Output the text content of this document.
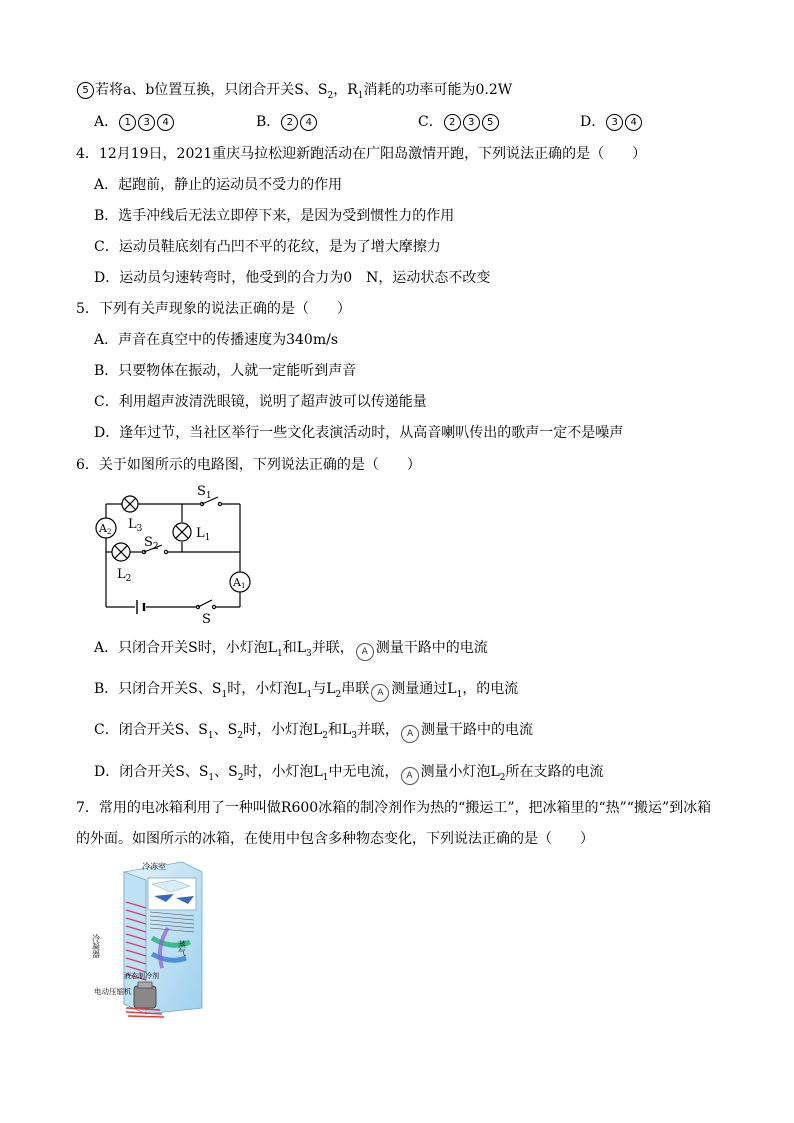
5 若将a、b位置互换，只闭合开关S、$S_2$，$R_1$消耗的功率可能为0.2W
A． 1 3 4	B． 2 4	C． 2 3 5	D． 3 4
4．12月19日，2021重庆马拉松迎新跑活动在广阳岛激情开跑，下列说法正确的是（　　）
A．起跑前，静止的运动员不受力的作用
B．选手冲线后无法立即停下来，是因为受到惯性力的作用
C．运动员鞋底刻有凸凹不平的花纹，是为了增大摩擦力
D．运动员匀速转弯时，他受到的合力为0　N，运动状态不改变
5．下列有关声现象的说法正确的是（　　）
A．声音在真空中的传播速度为340m/s
B．只要物体在振动，人就一定能听到声音
C．利用超声波清洗眼镜，说明了超声波可以传递能量
D．逢年过节，当社区举行一些文化表演活动时，从高音喇叭传出的歌声一定不是噪声
6．关于如图所示的电路图，下列说法正确的是（　　）
$S_1$
$L_3$	$L_1$
A2
$L_2$
$S_2$
A1
S
A．只闭合开关S时，小灯泡$L_1$和$L_3$并联， A 测量干路中的电流
B．只闭合开关S、$S_1$时，小灯泡$L_1$与$L_2$串联 A 测量通过$L_1$，的电流
C．闭合开关S、$S_1$、$S_2$时，小灯泡$L_2$和$L_3$并联， A 测量干路中的电流
D．闭合开关S、$S_1$、$S_2$时，小灯泡$L_1$中无电流， A 测量小灯泡$L_2$所在支路的电流
7．常用的电冰箱利用了一种叫做R600冰箱的制冷剂作为热的“搬运工”，把冰箱里的“热”“搬运”到冰箱
的外面。如图所示的冰箱，在使用中包含多种物态变化，下列说法正确的是（　　）
冷冻室
蒸气
冷凝器
液态制冷剂
电动压缩机
